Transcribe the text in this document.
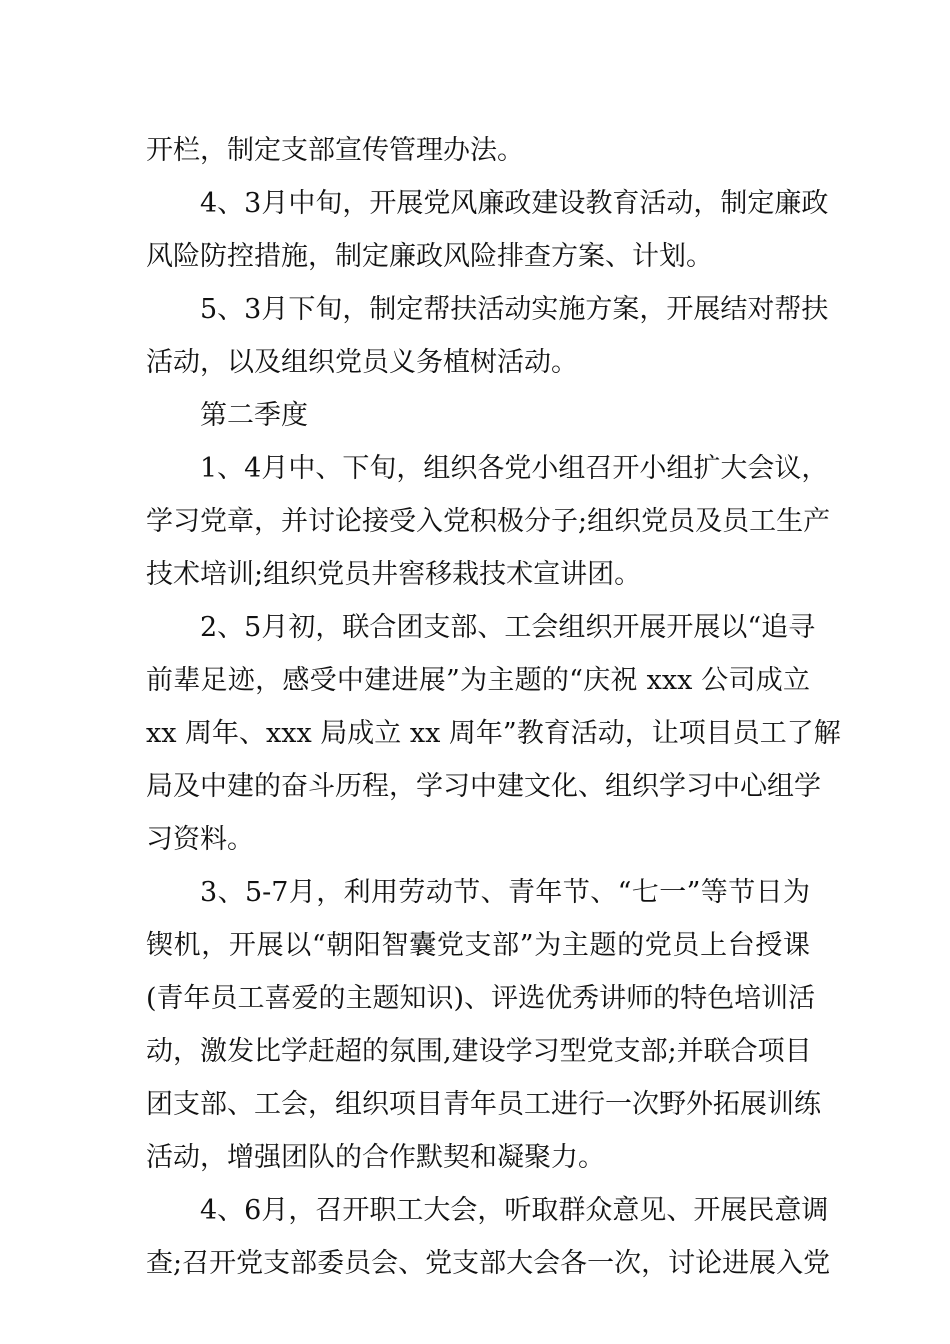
开栏，制定支部宣传管理办法。
4、3月中旬，开展党风廉政建设教育活动，制定廉政
风险防控措施，制定廉政风险排查方案、计划。
5、3月下旬，制定帮扶活动实施方案，开展结对帮扶
活动，以及组织党员义务植树活动。
第二季度
1、4月中、下旬，组织各党小组召开小组扩大会议，
学习党章，并讨论接受入党积极分子;组织党员及员工生产
技术培训;组织党员井窖移栽技术宣讲团。
2、5月初，联合团支部、工会组织开展开展以“追寻
前辈足迹，感受中建进展”为主题的“庆祝 xxx 公司成立
xx 周年、xxx 局成立 xx 周年”教育活动，让项目员工了解
局及中建的奋斗历程，学习中建文化、组织学习中心组学
习资料。
3、5-7月，利用劳动节、青年节、“七一”等节日为
锲机，开展以“朝阳智囊党支部”为主题的党员上台授课
(青年员工喜爱的主题知识)、评选优秀讲师的特色培训活
动，激发比学赶超的氛围,建设学习型党支部;并联合项目
团支部、工会，组织项目青年员工进行一次野外拓展训练
活动，增强团队的合作默契和凝聚力。
4、6月，召开职工大会，听取群众意见、开展民意调
查;召开党支部委员会、党支部大会各一次，讨论进展入党
